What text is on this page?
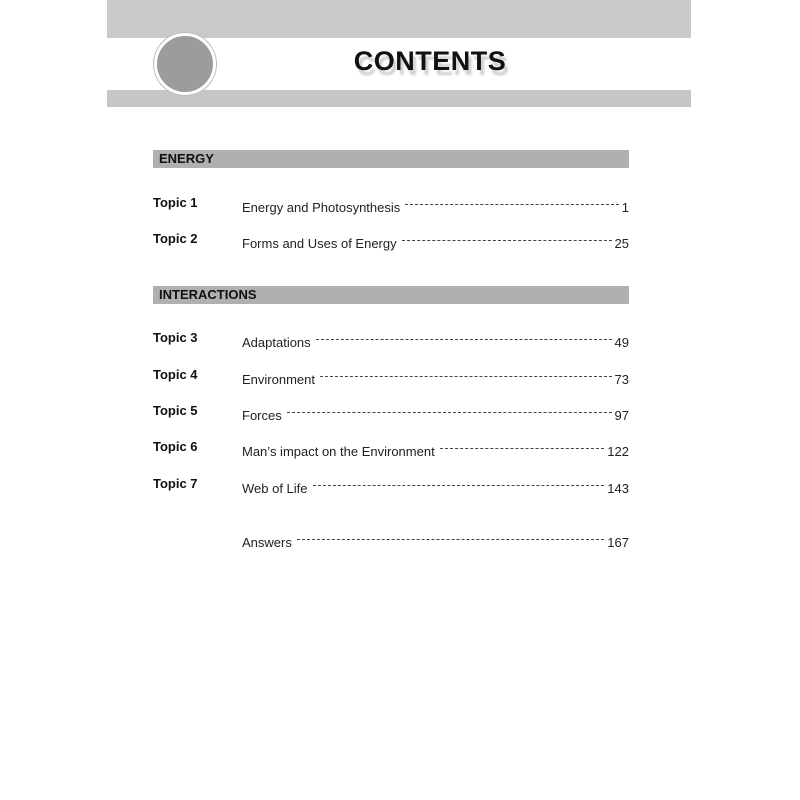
CONTENTS
ENERGY
Topic 1	Energy and Photosynthesis	1
Topic 2	Forms and Uses of Energy	25
INTERACTIONS
Topic 3	Adaptations	49
Topic 4	Environment	73
Topic 5	Forces	97
Topic 6	Man’s impact on the Environment	122
Topic 7	Web of Life	143
Answers	167
